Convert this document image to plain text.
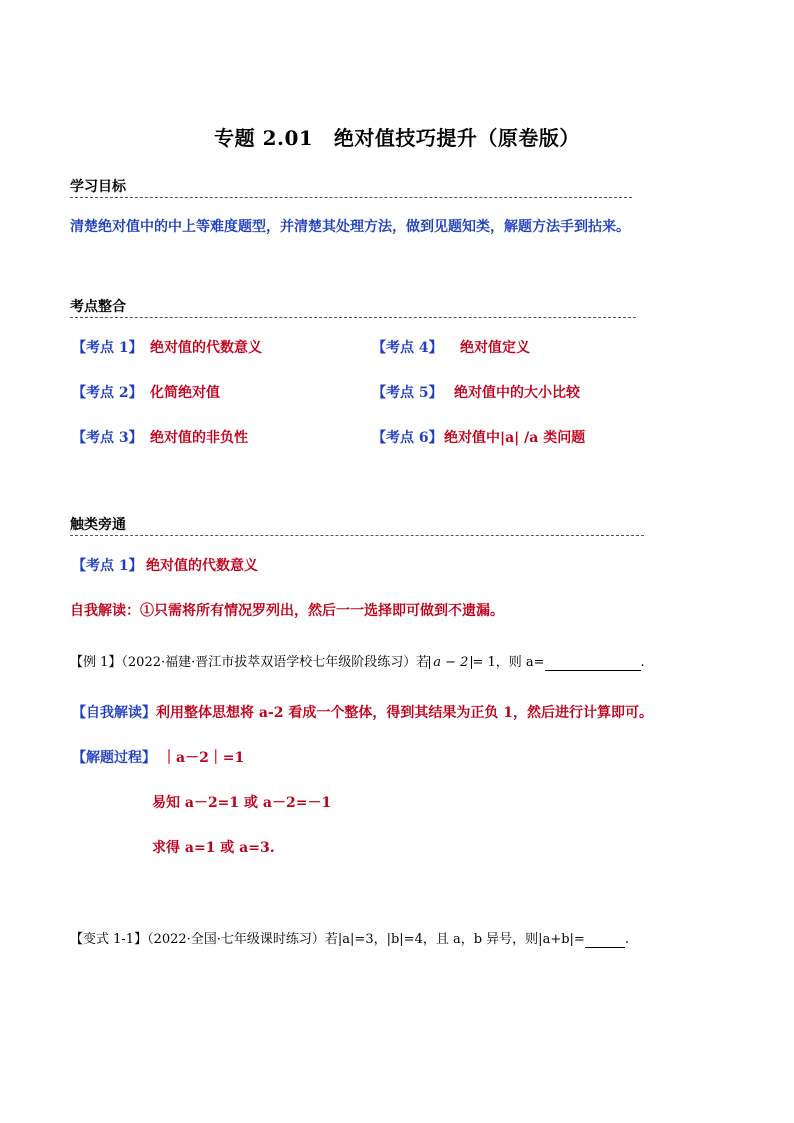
专题 2.01　绝对值技巧提升（原卷版）
学习目标
清楚绝对值中的中上等难度题型，并清楚其处理方法，做到见题知类，解题方法手到拈来。
考点整合
【考点 1】 绝对值的代数意义	【考点 4】	绝对值定义
【考点 2】 化简绝对值	【考点 5】 绝对值中的大小比较
【考点 3】 绝对值的非负性	【考点 6】 绝对值中|a| /a 类问题
触类旁通
【考点 1】 绝对值的代数意义
自我解读：①只需将所有情况罗列出，然后一一选择即可做到不遗漏。
【例 1】（2022·福建·晋江市拔萃双语学校七年级阶段练习）若 a − 2 = 1，则 a=	.
【自我解读】利用整体思想将 a-2 看成一个整体，得到其结果为正负 1，然后进行计算即可。
【解题过程】 ｜a－2｜=1
易知 a－2=1 或 a－2=－1
求得 a=1 或 a=3.
【变式 1-1】（2022·全国·七年级课时练习）若|a|=3，|b|=4，且 a，b 异号，则|a+b|=	.
